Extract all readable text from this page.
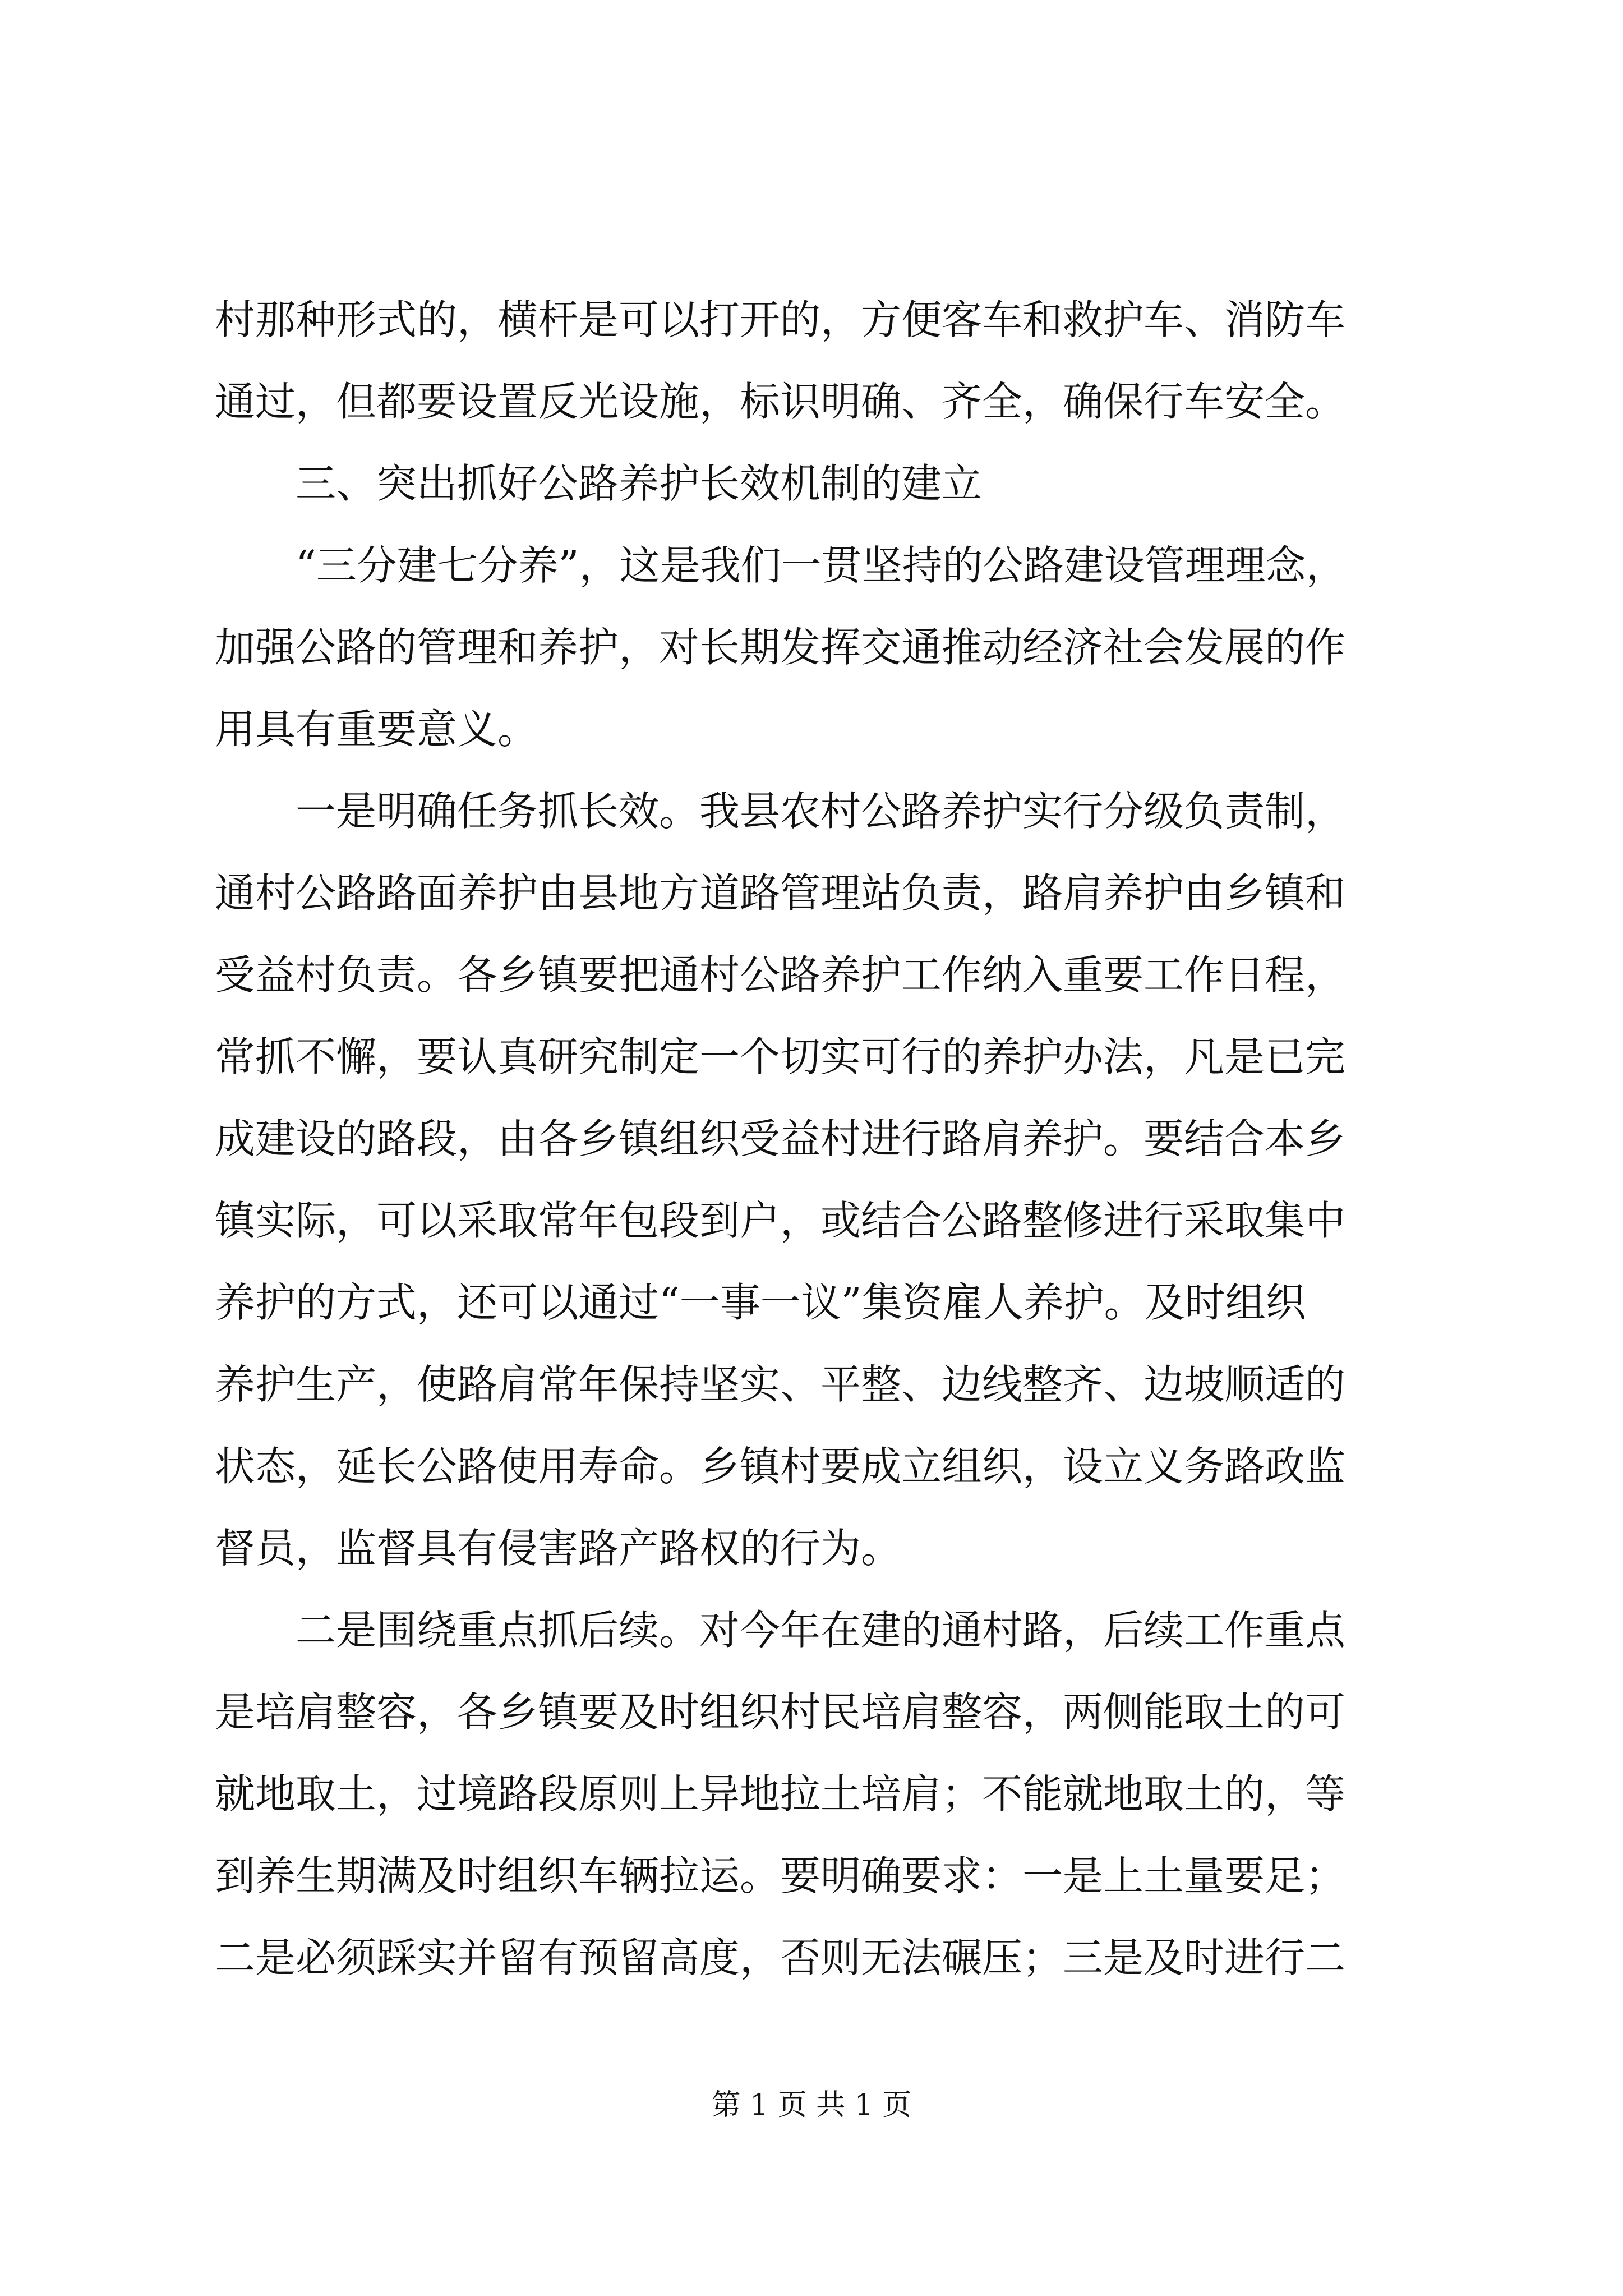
村那种形式的，横杆是可以打开的，方便客车和救护车、消防车
通过，但都要设置反光设施，标识明确、齐全，确保行车安全。
　　三、突出抓好公路养护长效机制的建立
　　“三分建七分养”，这是我们一贯坚持的公路建设管理理念，
加强公路的管理和养护，对长期发挥交通推动经济社会发展的作
用具有重要意义。
　　一是明确任务抓长效。我县农村公路养护实行分级负责制，
通村公路路面养护由县地方道路管理站负责，路肩养护由乡镇和
受益村负责。各乡镇要把通村公路养护工作纳入重要工作日程，
常抓不懈，要认真研究制定一个切实可行的养护办法，凡是已完
成建设的路段，由各乡镇组织受益村进行路肩养护。要结合本乡
镇实际，可以采取常年包段到户，或结合公路整修进行采取集中
养护的方式，还可以通过“一事一议”集资雇人养护。及时组织
养护生产，使路肩常年保持坚实、平整、边线整齐、边坡顺适的
状态，延长公路使用寿命。乡镇村要成立组织，设立义务路政监
督员，监督具有侵害路产路权的行为。
　　二是围绕重点抓后续。对今年在建的通村路，后续工作重点
是培肩整容，各乡镇要及时组织村民培肩整容，两侧能取土的可
就地取土，过境路段原则上异地拉土培肩；不能就地取土的，等
到养生期满及时组织车辆拉运。要明确要求：一是上土量要足；
二是必须踩实并留有预留高度，否则无法碾压；三是及时进行二
第 1 页 共 1 页
